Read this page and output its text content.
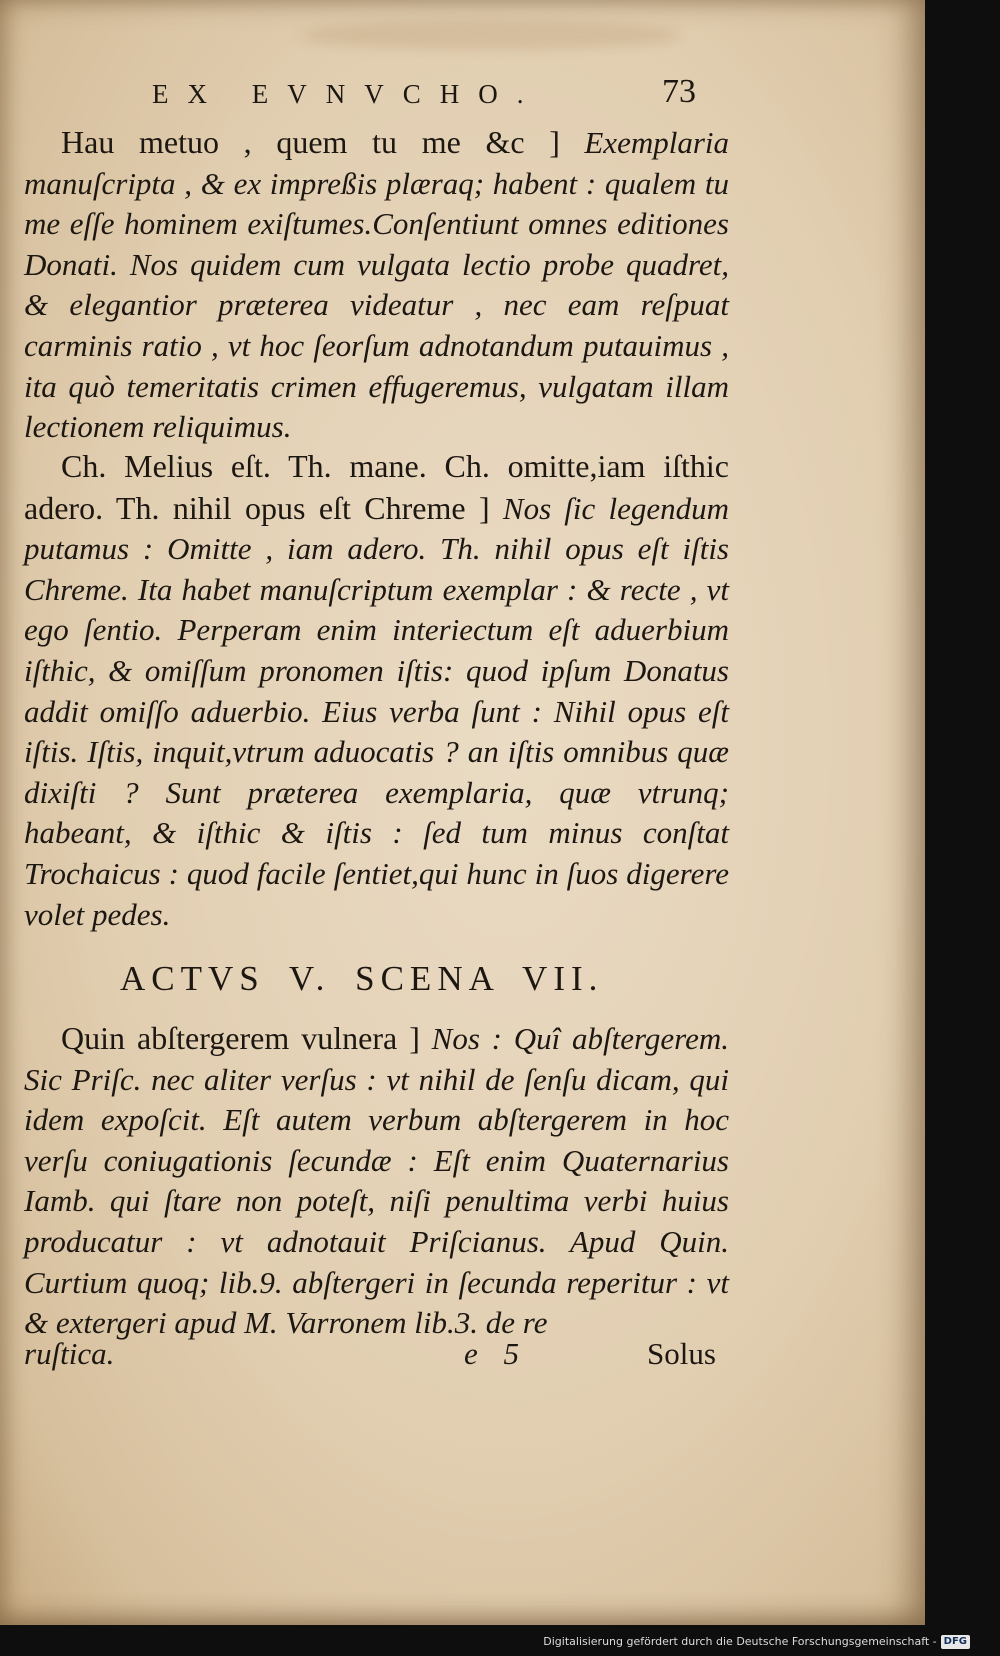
EX EVNVCHO.	73
Hau metuo , quem tu me &c ] Exemplaria manuſcripta , & ex impreßis plæraq; habent : qualem tu me eſſe hominem exiſtumes.Conſentiunt omnes editiones Donati. Nos quidem cum vulgata lectio probe quadret, & elegantior præterea videatur , nec eam reſpuat carminis ratio , vt hoc ſeorſum adnotandum putauimus , ita quò temeritatis crimen effugeremus, vulgatam illam lectionem reliquimus.
Ch. Melius eſt. Th. mane. Ch. omitte,iam iſthic adero. Th. nihil opus eſt Chreme ] Nos ſic legendum putamus : Omitte , iam adero. Th. nihil opus eſt iſtis Chreme. Ita habet manuſcriptum exemplar : & recte , vt ego ſentio. Perperam enim interiectum eſt aduerbium iſthic, & omiſſum pronomen iſtis: quod ipſum Donatus addit omiſſo aduerbio. Eius verba ſunt : Nihil opus eſt iſtis. Iſtis, inquit,vtrum aduocatis ? an iſtis omnibus quæ dixiſti ? Sunt præterea exemplaria, quæ vtrunq; habeant, & iſthic & iſtis : ſed tum minus conſtat Trochaicus : quod facile ſentiet,qui hunc in ſuos digerere volet pedes.
ACTVS V. SCENA VII.
Quin abſtergerem vulnera ] Nos : Quî abſtergerem. Sic Priſc. nec aliter verſus : vt nihil de ſenſu dicam, qui idem expoſcit. Eſt autem verbum abſtergerem in hoc verſu coniugationis ſecundæ : Eſt enim Quaternarius Iamb. qui ſtare non poteſt, niſi penultima verbi huius producatur : vt adnotauit Priſcianus. Apud Quin. Curtium quoq; lib.9. abſtergeri in ſecunda reperitur : vt & extergeri apud M. Varronem lib.3. de re
ruſtica.	e 5	Solus
Digitalisierung gefördert durch die Deutsche Forschungsgemeinschaft - DFG
